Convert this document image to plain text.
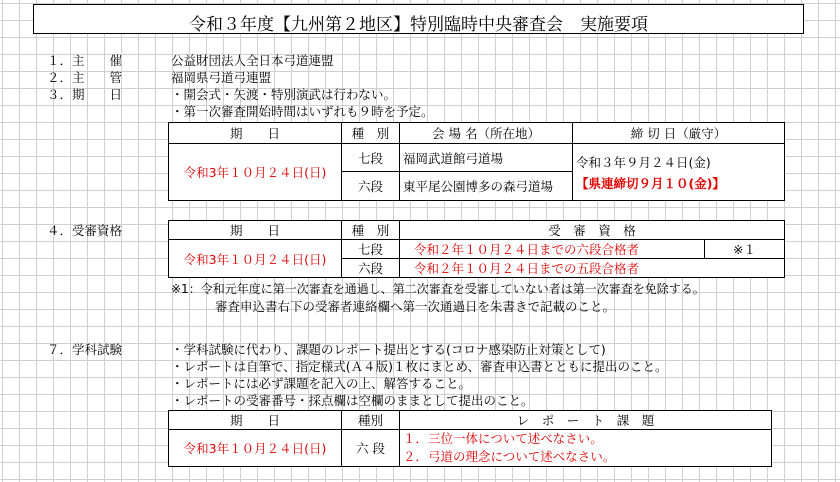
令和３年度【九州第２地区】特別臨時中央審査会　実施要項
１．主　　催	公益財団法人全日本弓道連盟
２．主　　管	福岡県弓道弓連盟
３．期　　日	・開会式・矢渡・特別演武は行わない。
・第一次審査開始時間はいずれも９時を予定。
期　　日	種　別	会 場 名（所在地）	締 切 日（厳守）
令和3年１０月２４日(日)	七段	福岡武道館弓道場	令和３年９月２４日(金)
【県連締切９月１０(金)】

	六段	東平尾公園博多の森弓道場	
４．受審資格	期　　日	種　別	受　審　資　格	
令和3年１０月２４日(日)	七段	令和２年１０月２４日までの六段合格者	※１
	六段	令和２年１０月２４日までの五段合格者	
※1：令和元年度に第一次審査を通過し、第二次審査を受審していない者は第一次審査を免除する。
審査申込書右下の受審者連絡欄へ第一次通過日を朱書きで記載のこと。
７．学科試験	・学科試験に代わり、課題のレポート提出とする(コロナ感染防止対策として)
・レポートは自筆で、指定様式(Ａ４版)１枚にまとめ、審査申込書とともに提出のこと。
・レポートには必ず課題を記入の上、解答すること。
・レポートの受審番号・採点欄は空欄のままとして提出のこと。
期　　日	種別	レ　ポ　ー　ト　課　題
令和3年１０月２４日(日)	六 段	１．三位一体について述べなさい。
２．弓道の理念について述べなさい。
